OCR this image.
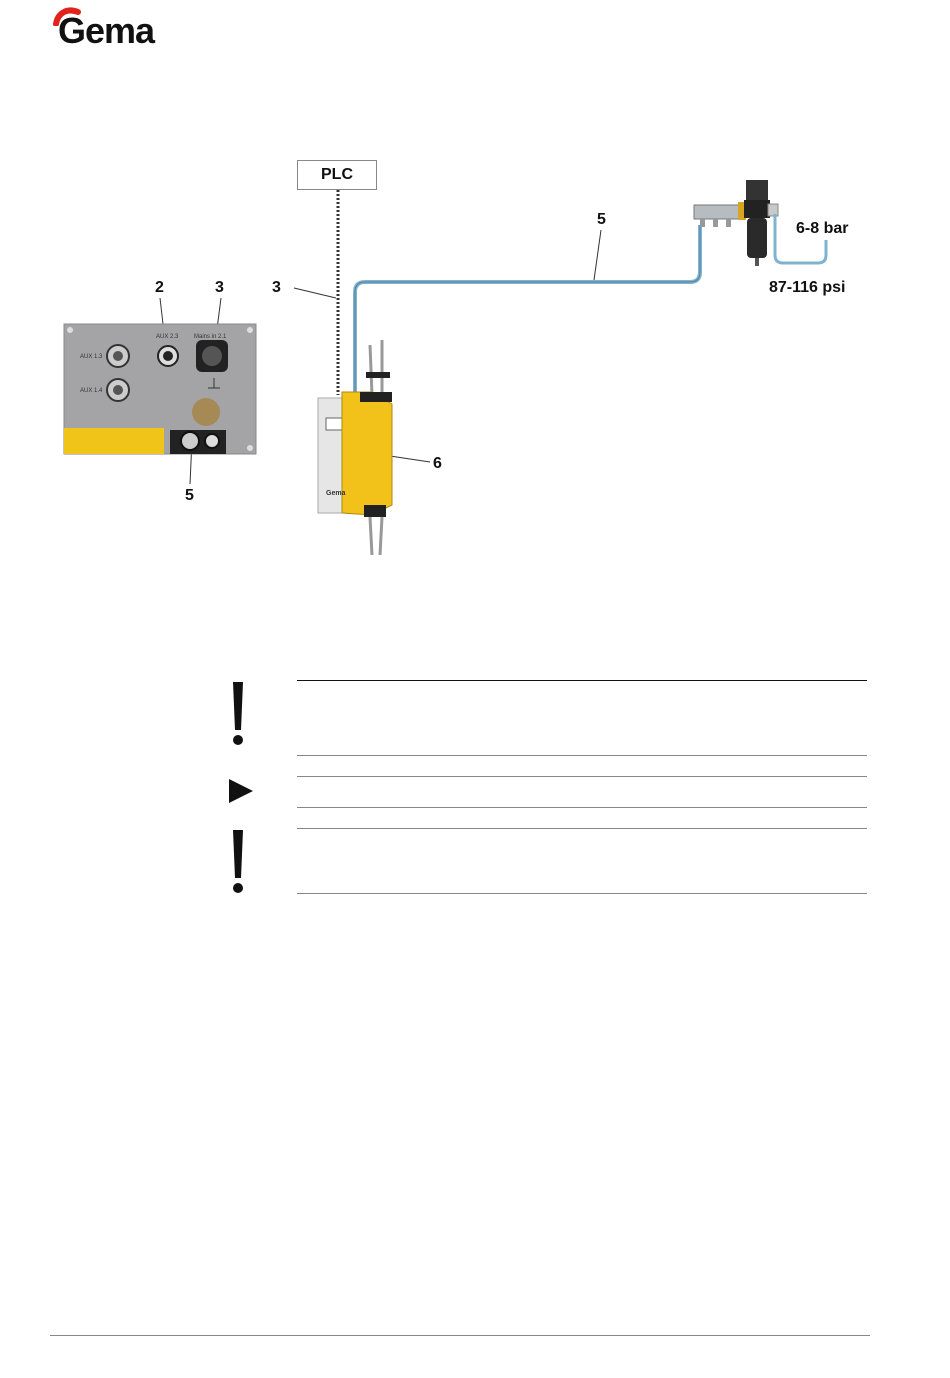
Gema
AUX 1.3
AUX 1.4
AUX 2.3	Mains in 2.1
Gema
PLC
3
5
6-8 bar
87-116 psi
2	3
5
6
